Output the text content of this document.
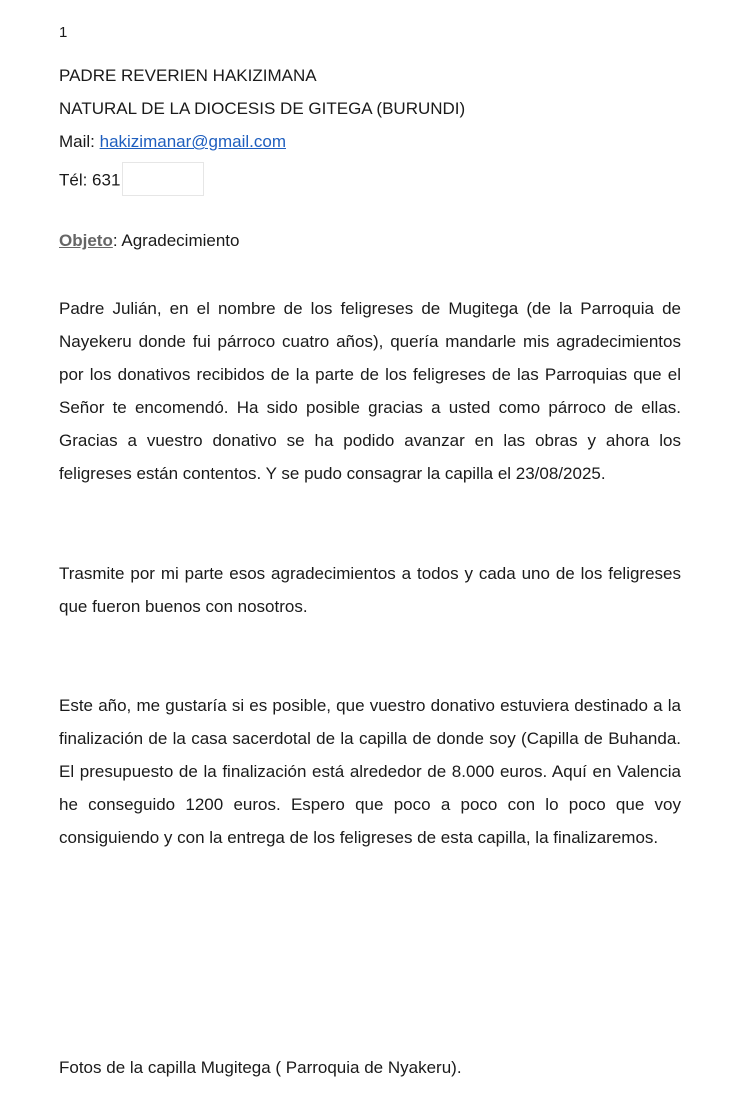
1
PADRE REVERIEN HAKIZIMANA
NATURAL DE LA DIOCESIS DE GITEGA (BURUNDI)
Mail: hakizimanar@gmail.com
Tél: 631
Objeto: Agradecimiento
Padre Julián, en el nombre de los feligreses de Mugitega (de la Parroquia de Nayekeru donde fui párroco cuatro años), quería mandarle mis agradecimientos por los donativos recibidos de la parte de los feligreses de las Parroquias que el Señor te encomendó. Ha sido posible gracias a usted como párroco de ellas. Gracias a vuestro donativo se ha podido avanzar en las obras y ahora los feligreses están contentos. Y se pudo consagrar la capilla el 23/08/2025.
Trasmite por mi parte esos agradecimientos a todos y cada uno de los feligreses que fueron buenos con nosotros.
Este año, me gustaría si es posible, que vuestro donativo estuviera destinado a la finalización de la casa sacerdotal de la capilla de donde soy (Capilla de Buhanda. El presupuesto de la finalización está alrededor de 8.000 euros. Aquí en Valencia he conseguido 1200 euros. Espero que poco a poco con lo poco que voy consiguiendo y con la entrega de los feligreses de esta capilla, la finalizaremos.
Fotos de la capilla Mugitega ( Parroquia de Nyakeru).
